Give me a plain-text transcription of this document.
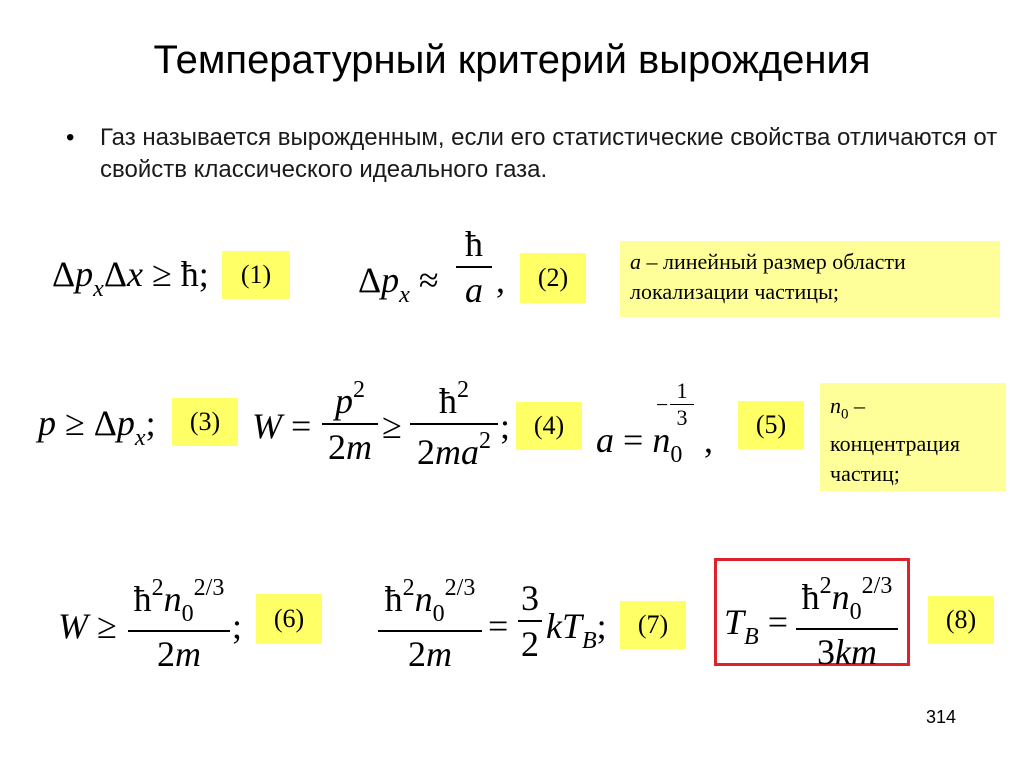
Температурный критерий вырождения
• Газ называется вырожденным, если его статистические свойства отличаются от свойств классического идеального газа.
$\Delta p_x\Delta x$ ≥ ħ;	(1)	$\Delta p_x$ ≈
ħ
a ,	(2)
a – линейный размер области локализации частицы;
$p \ge \Delta p_x$;	(3) W =
$p^2$
2m
≥
$ħ^2$
$2ma^2$ ; (4) $a = n_0$
−
1
3
,	(5)
$n_0$ – концентрация частиц;
W ≥
$ħ^2n_0^{2/3}$
2m
;	(6)	$ħ^2n_0^{2/3}$
2m
=
3
2 $kT_B$;	(7)	$T_B$ =
$ħ^2n_0^{2/3}$
3km
(8)
314
